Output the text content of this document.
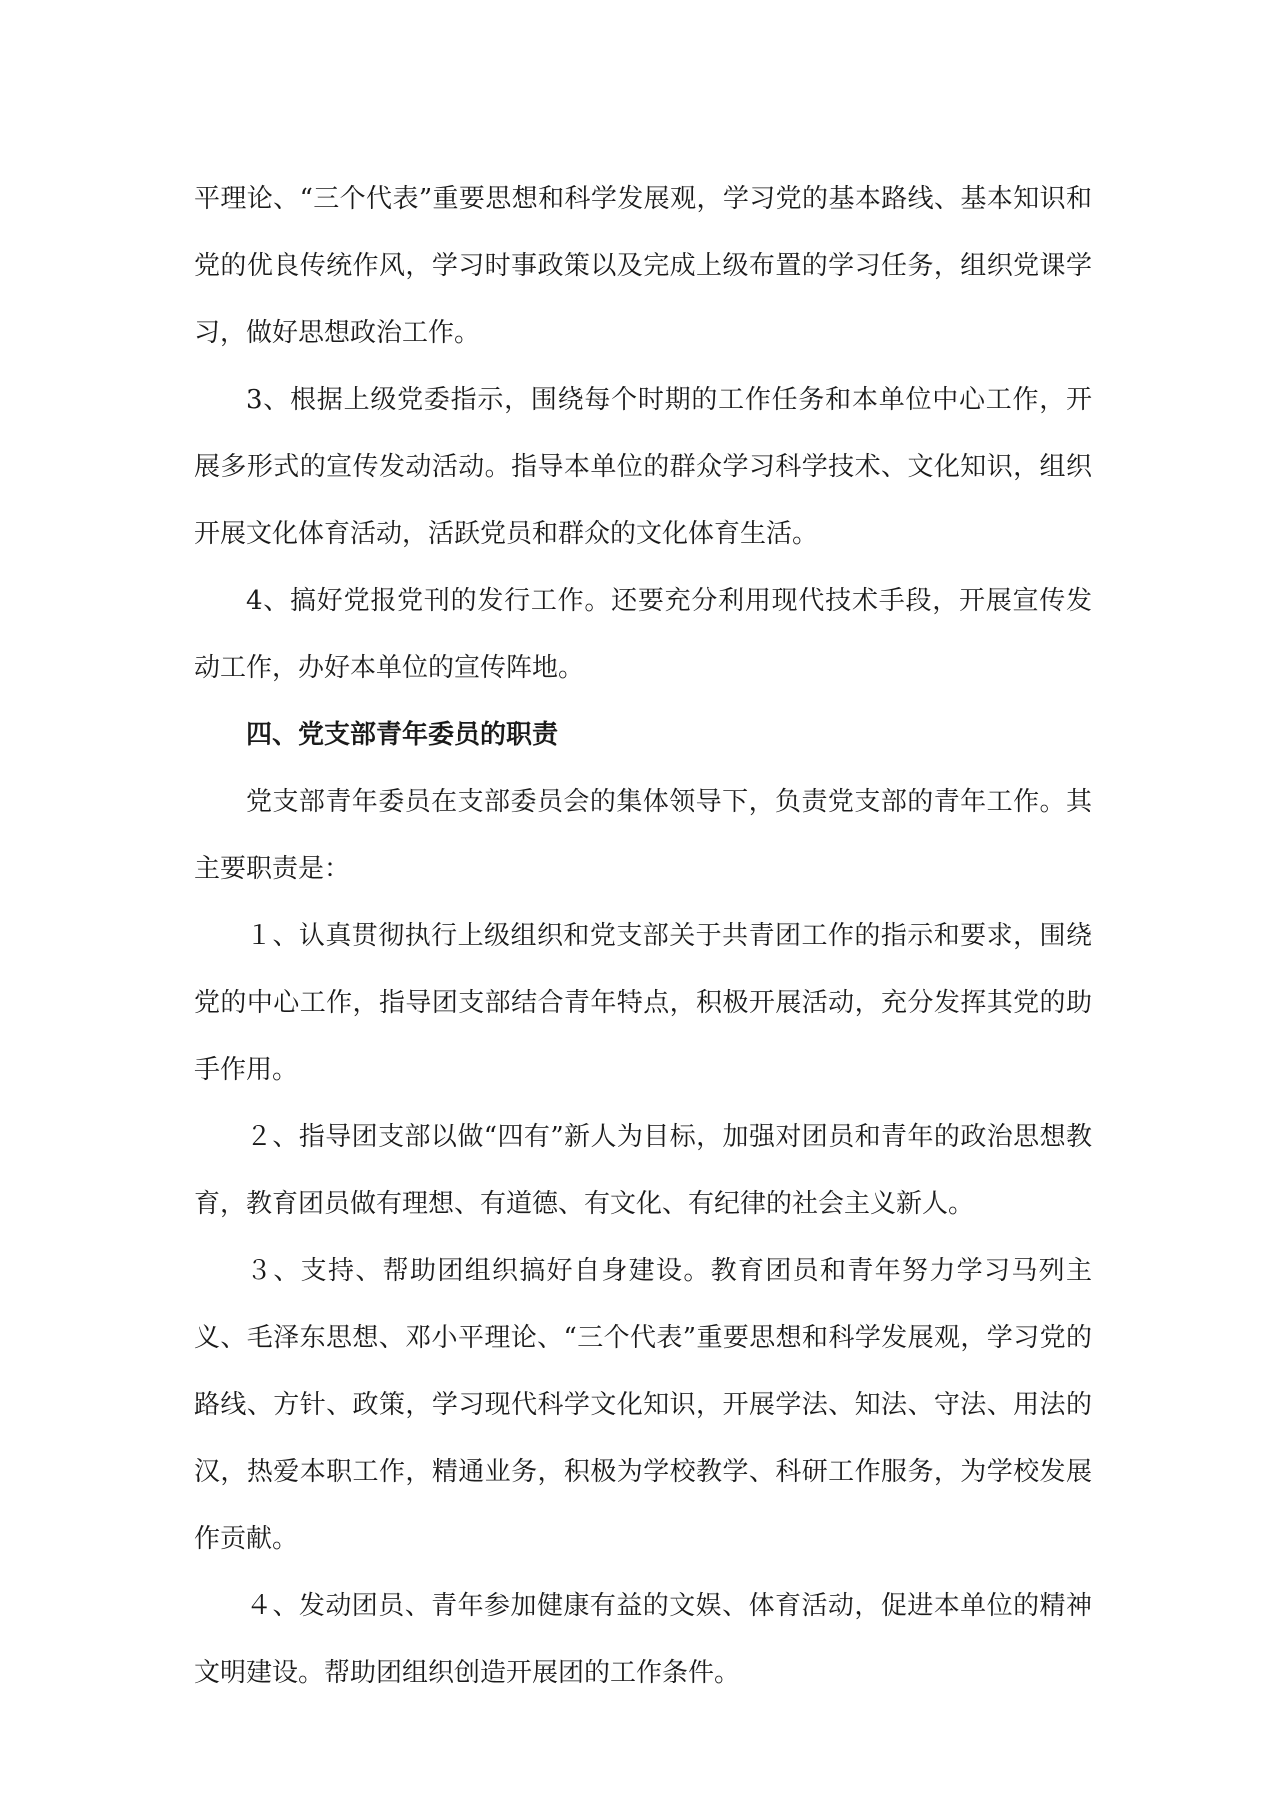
平理论、“三个代表”重要思想和科学发展观，学习党的基本路线、基本知识和党的优良传统作风，学习时事政策以及完成上级布置的学习任务，组织党课学习，做好思想政治工作。

3、根据上级党委指示，围绕每个时期的工作任务和本单位中心工作，开展多形式的宣传发动活动。指导本单位的群众学习科学技术、文化知识，组织开展文化体育活动，活跃党员和群众的文化体育生活。

4、搞好党报党刊的发行工作。还要充分利用现代技术手段，开展宣传发动工作，办好本单位的宣传阵地。

四、党支部青年委员的职责

党支部青年委员在支部委员会的集体领导下，负责党支部的青年工作。其主要职责是：

１、认真贯彻执行上级组织和党支部关于共青团工作的指示和要求，围绕党的中心工作，指导团支部结合青年特点，积极开展活动，充分发挥其党的助手作用。

２、指导团支部以做“四有”新人为目标，加强对团员和青年的政治思想教育，教育团员做有理想、有道德、有文化、有纪律的社会主义新人。

３、支持、帮助团组织搞好自身建设。教育团员和青年努力学习马列主义、毛泽东思想、邓小平理论、“三个代表”重要思想和科学发展观，学习党的路线、方针、政策，学习现代科学文化知识，开展学法、知法、守法、用法的汉，热爱本职工作，精通业务，积极为学校教学、科研工作服务，为学校发展作贡献。

４、发动团员、青年参加健康有益的文娱、体育活动，促进本单位的精神文明建设。帮助团组织创造开展团的工作条件。
